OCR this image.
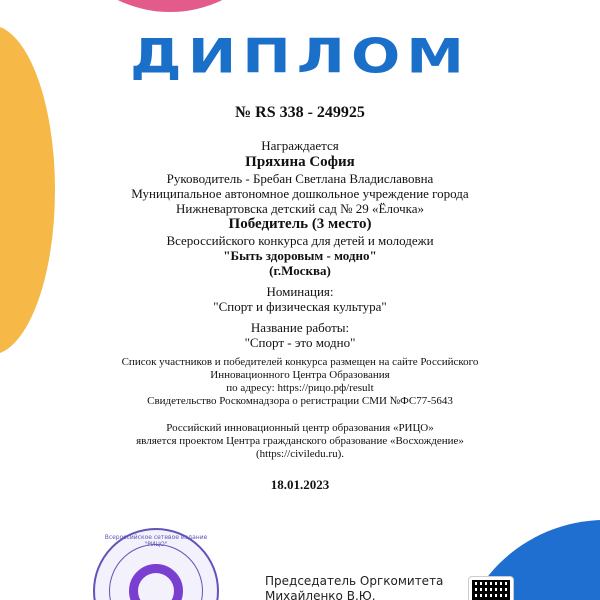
ДИПЛОМ
№ RS 338 - 249925
Награждается
Пряхина София
Руководитель - Бребан Светлана Владиславовна
Муниципальное автономное дошкольное учреждение города
Нижневартовска детский сад № 29 «Ёлочка»
Победитель (3 место)
Всероссийского конкурса для детей и молодежи
"Быть здоровым - модно"
(г.Москва)
Номинация:
"Спорт и физическая культура"
Название работы:
"Спорт - это модно"
Список участников и победителей конкурса размещен на сайте Российского
Инновационного Центра Образования
по адресу: https://рицо.рф/result
Свидетельство Роскомнадзора о регистрации СМИ №ФС77-5643
Российский инновационный центр образования «РИЦО»
является проектом Центра гражданского образование «Восхождение»
(https://civiledu.ru).
18.01.2023
Всероссийское сетевое издание "РИЦО"
Председатель Оргкомитета
Михайленко В.Ю.
